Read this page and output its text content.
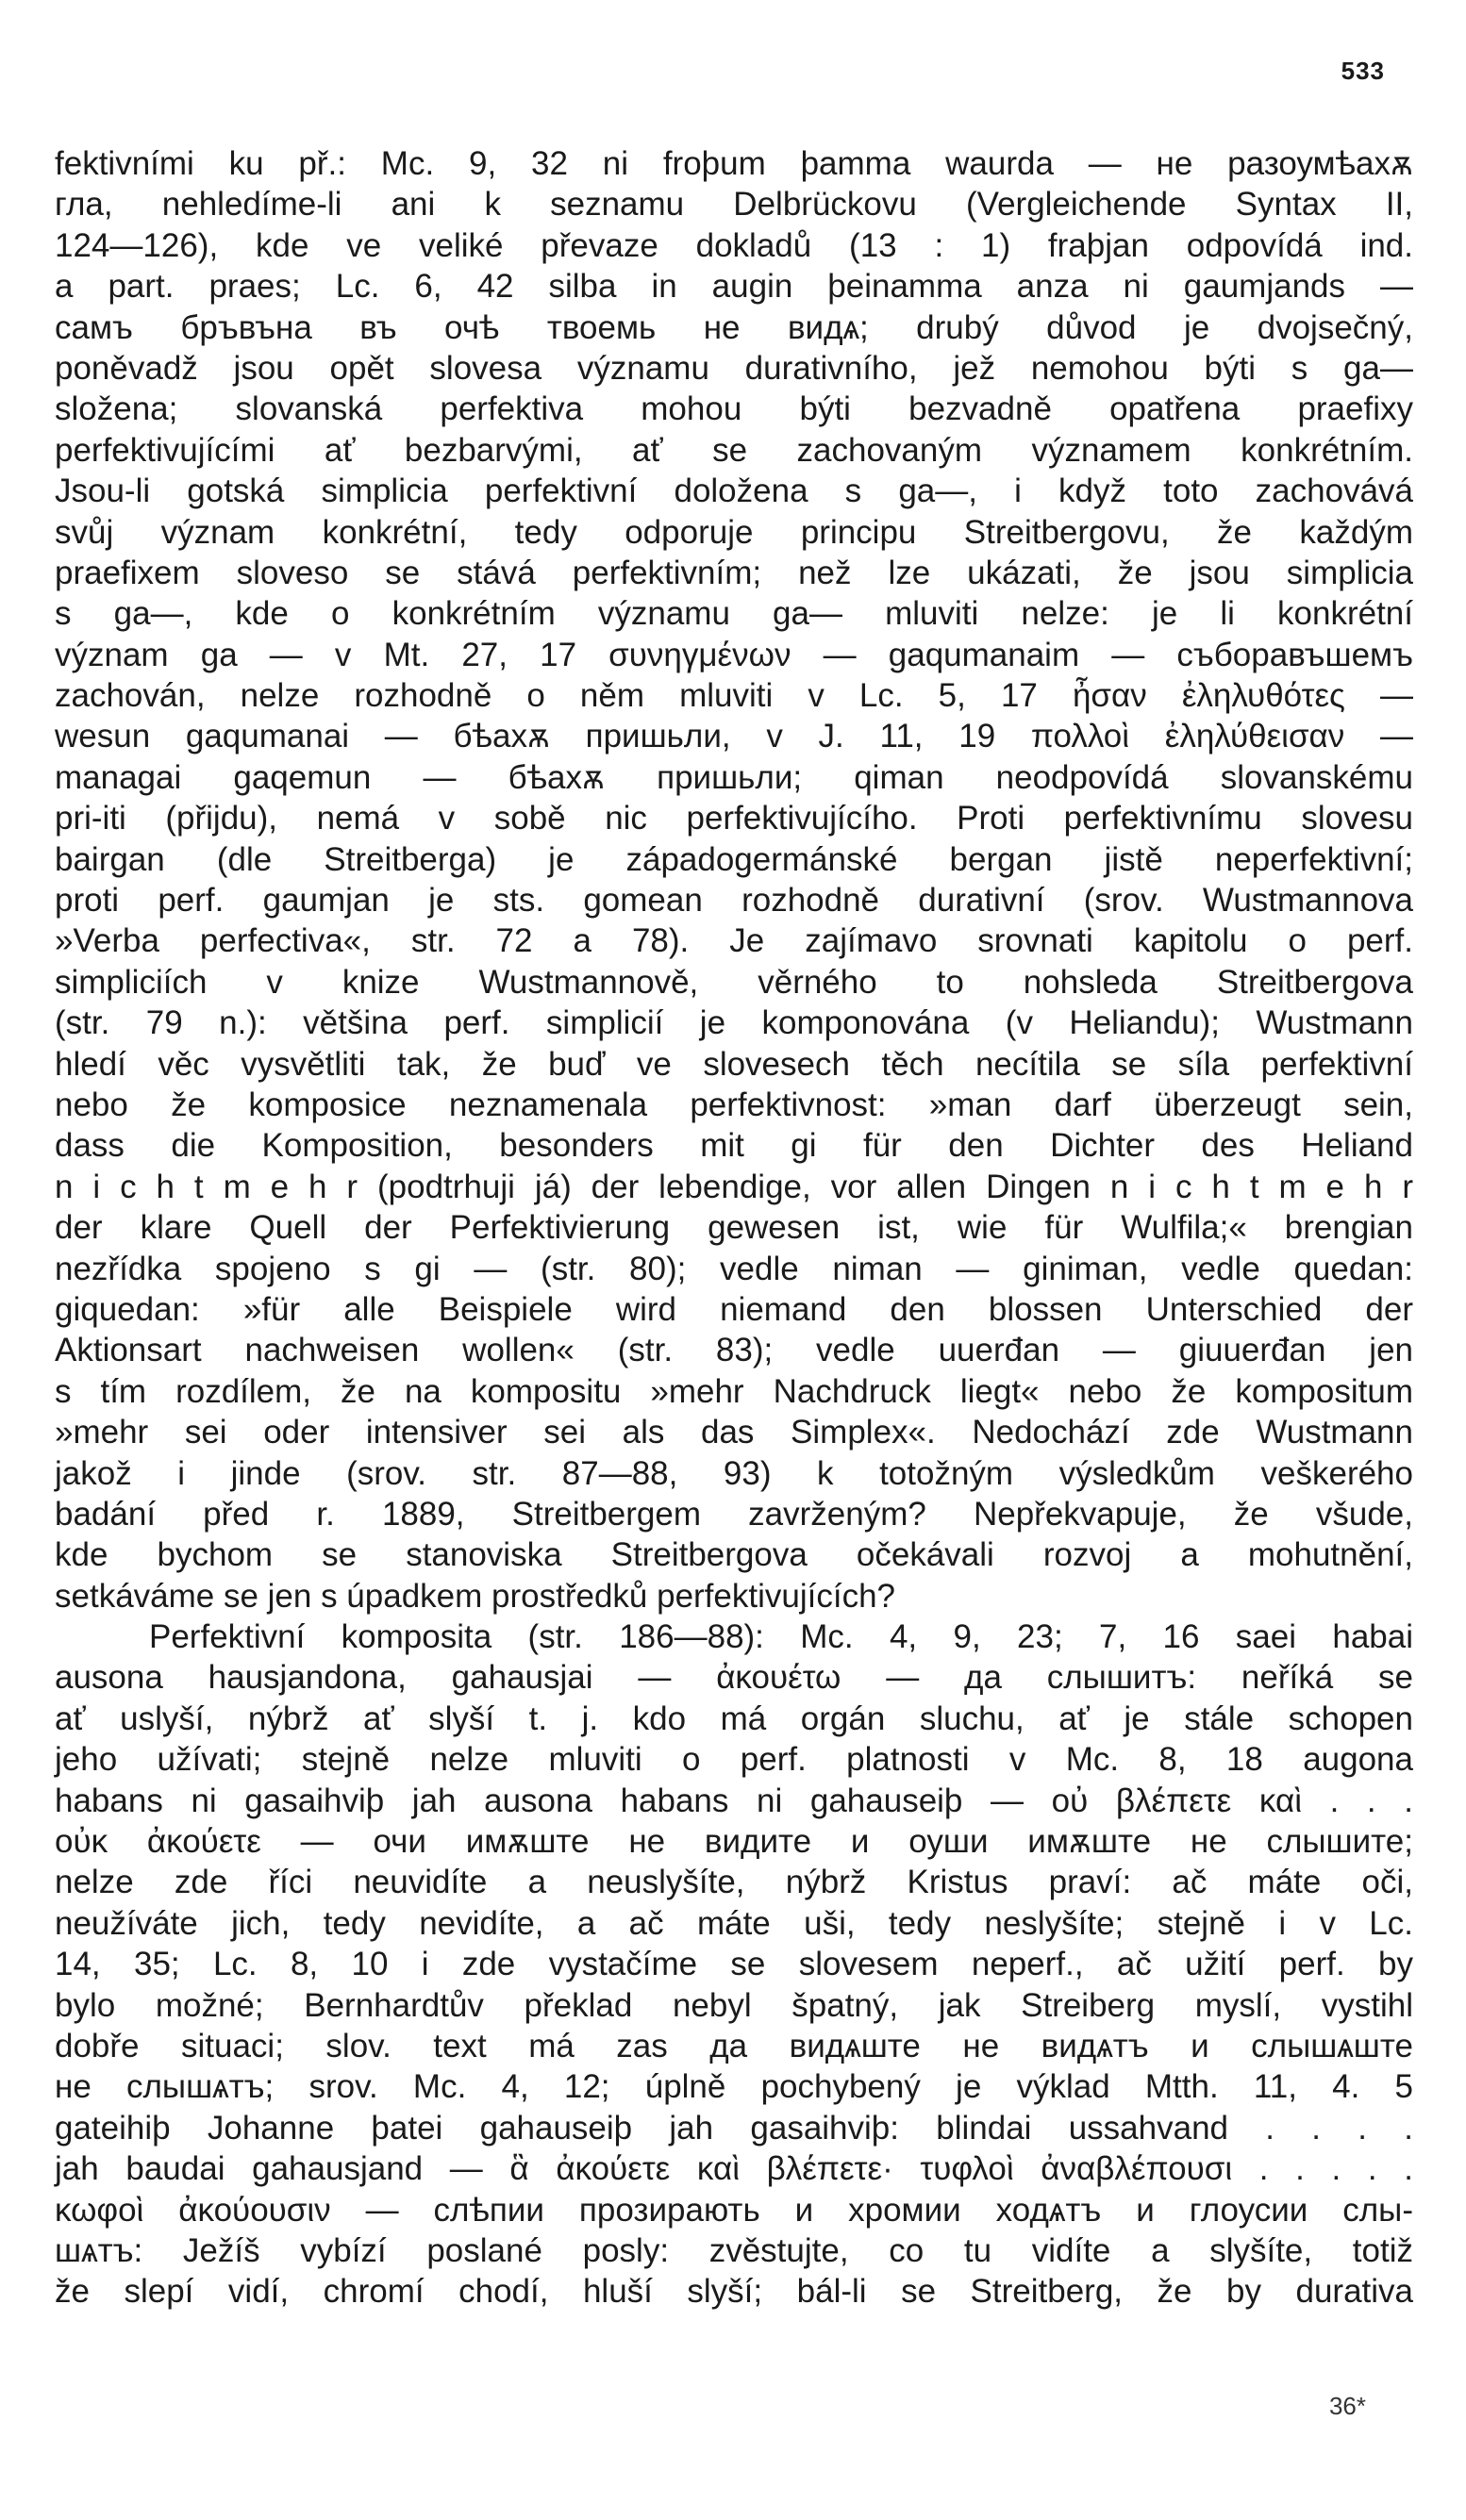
533
fektivními ku př.: Mc. 9, 32 ni froþum þamma waurda — не разоумѣахѫ
гла, nehledíme-li ani k seznamu Delbrückovu (Vergleichende Syntax II,
124—126), kde ve veliké převaze dokladů (13 : 1) fraþjan odpovídá ind.
a part. praes; Lc. 6, 42 silba in augin þeinamma anza ni gaumjands —
самъ бръвъна въ очѣ твоемь не видѧ; drubý důvod je dvojsečný,
poněvadž jsou opět slovesa významu durativního, jež nemohou býti s ga—
složena; slovanská perfektiva mohou býti bezvadně opatřena praefixy
perfektivujícími ať bezbarvými, ať se zachovaným významem konkrétním.
Jsou-li gotská simplicia perfektivní doložena s ga—, i když toto zachovává
svůj význam konkrétní, tedy odporuje principu Streitbergovu, že každým
praefixem sloveso se stává perfektivním; než lze ukázati, že jsou simplicia
s ga—, kde o konkrétním významu ga— mluviti nelze: je li konkrétní
význam ga — v Mt. 27, 17 συνηγμένων — gaqumanaim — съборавъшемъ
zachován, nelze rozhodně o něm mluviti v Lc. 5, 17 ἦσαν ἐληλυθότες —
wesun gaqumanai — бѣахѫ пришьли, v J. 11, 19 πολλοὶ ἐληλύθεισαν —
managai gaqemun — бѣахѫ пришьли; qiman neodpovídá slovanskému
pri-iti (přijdu), nemá v sobě nic perfektivujícího. Proti perfektivnímu slovesu
bairgan (dle Streitberga) je západogermánské bergan jistě neperfektivní;
proti perf. gaumjan je sts. gomean rozhodně durativní (srov. Wustmannova
»Verba perfectiva«, str. 72 a 78). Je zajímavo srovnati kapitolu o perf.
simpliciích v knize Wustmannově, věrného to nohsleda Streitbergova
(str. 79 n.): většina perf. simplicií je komponována (v Heliandu); Wustmann
hledí věc vysvětliti tak, že buď ve slovesech těch necítila se síla perfektivní
nebo že komposice neznamenala perfektivnost: »man darf überzeugt sein,
dass die Komposition, besonders mit gi für den Dichter des Heliand
n i c h t m e h r (podtrhuji já) der lebendige, vor allen Dingen n i c h t m e h r
der klare Quell der Perfektivierung gewesen ist, wie für Wulfila;« brengian
nezřídka spojeno s gi — (str. 80); vedle niman — giniman, vedle quedan:
giquedan: »für alle Beispiele wird niemand den blossen Unterschied der
Aktionsart nachweisen wollen« (str. 83); vedle uuerđan — giuuerđan jen
s tím rozdílem, že na kompositu »mehr Nachdruck liegt« nebo že kompositum
»mehr sei oder intensiver sei als das Simplex«. Nedochází zde Wustmann
jakož i jinde (srov. str. 87—88, 93) k totožným výsledkům veškerého
badání před r. 1889, Streitbergem zavrženým? Nepřekvapuje, že všude,
kde bychom se stanoviska Streitbergova očekávali rozvoj a mohutnění,
setkáváme se jen s úpadkem prostředků perfektivujících?
Perfektivní komposita (str. 186—88): Mc. 4, 9, 23; 7, 16 saei habai
ausona hausjandona, gahausjai — ἀκουέτω — да слышитъ: neříká se
ať uslyší, nýbrž ať slyší t. j. kdo má orgán sluchu, ať je stále schopen
jeho užívati; stejně nelze mluviti o perf. platnosti v Mc. 8, 18 augona
habans ni gasaihviþ jah ausona habans ni gahauseiþ — οὐ βλέπετε καὶ . . .
οὐκ ἀκούετε — очи имѫште не видите и оуши имѫште не слышите;
nelze zde říci neuvidíte a neuslyšíte, nýbrž Kristus praví: ač máte oči,
neužíváte jich, tedy nevidíte, a ač máte uši, tedy neslyšíte; stejně i v Lc.
14, 35; Lc. 8, 10 i zde vystačíme se slovesem neperf., ač užití perf. by
bylo možné; Bernhardtův překlad nebyl špatný, jak Streiberg myslí, vystihl
dobře situaci; slov. text má zas да видѧште не видѧтъ и слышѧште
не слышѧтъ; srov. Mc. 4, 12; úplně pochybený je výklad Mtth. 11, 4. 5
gateihiþ Johanne þatei gahauseiþ jah gasaihviþ: blindai ussahvand . . . .
jah baudai gahausjand — ἃ ἀκούετε καὶ βλέπετε· τυφλοὶ ἀναβλέπουσι . . . . .
κωφοὶ ἀκούουσιν — слѣпии прозирають и хромии ходѧтъ и глоусии слы-
шѧтъ: Ježíš vybízí poslané posly: zvěstujte, co tu vidíte a slyšíte, totiž
že slepí vidí, chromí chodí, hluší slyší; bál-li se Streitberg, že by durativa
36*
